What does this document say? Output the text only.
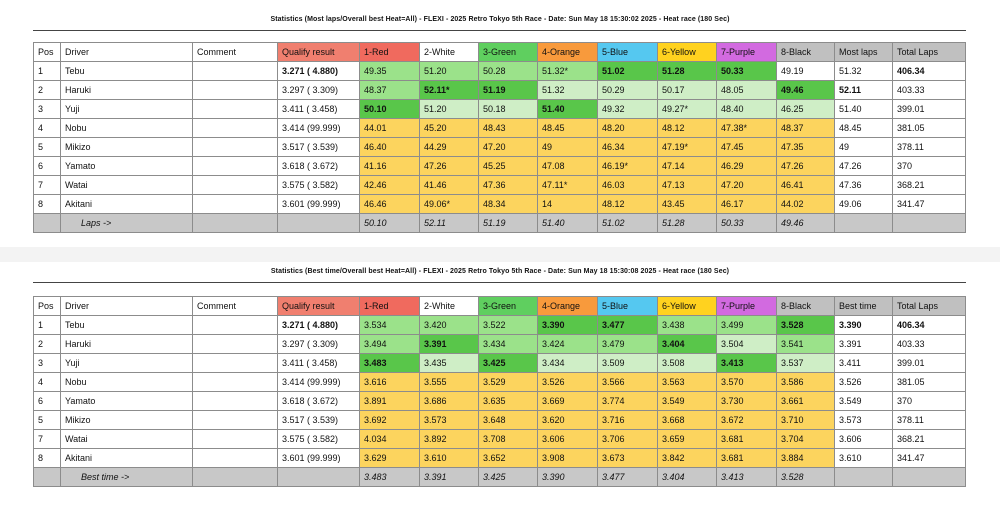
Statistics (Most laps/Overall best Heat=All) - FLEXI - 2025 Retro Tokyo 5th Race - Date: Sun May 18 15:30:02 2025 - Heat race (180 Sec)
Pos	Driver	Comment	Qualify result	1-Red	2-White	3-Green	4-Orange	5-Blue	6-Yellow	7-Purple	8-Black	Most laps	Total Laps
1	Tebu		3.271 ( 4.880)	49.35	51.20	50.28	51.32*	51.02	51.28	50.33	49.19	51.32	406.34
2	Haruki		3.297 ( 3.309)	48.37	52.11*	51.19	51.32	50.29	50.17	48.05	49.46	52.11	403.33
3	Yuji		3.411 ( 3.458)	50.10	51.20	50.18	51.40	49.32	49.27*	48.40	46.25	51.40	399.01
4	Nobu		3.414 (99.999)	44.01	45.20	48.43	48.45	48.20	48.12	47.38*	48.37	48.45	381.05
5	Mikizo		3.517 ( 3.539)	46.40	44.29	47.20	49	46.34	47.19*	47.45	47.35	49	378.11
6	Yamato		3.618 ( 3.672)	41.16	47.26	45.25	47.08	46.19*	47.14	46.29	47.26	47.26	370
7	Watai		3.575 ( 3.582)	42.46	41.46	47.36	47.11*	46.03	47.13	47.20	46.41	47.36	368.21
8	Akitani		3.601 (99.999)	46.46	49.06*	48.34	14	48.12	43.45	46.17	44.02	49.06	341.47
	Laps ->			50.10	52.11	51.19	51.40	51.02	51.28	50.33	49.46		
Statistics (Best time/Overall best Heat=All) - FLEXI - 2025 Retro Tokyo 5th Race - Date: Sun May 18 15:30:08 2025 - Heat race (180 Sec)
Pos	Driver	Comment	Qualify result	1-Red	2-White	3-Green	4-Orange	5-Blue	6-Yellow	7-Purple	8-Black	Best time	Total Laps
1	Tebu		3.271 ( 4.880)	3.534	3.420	3.522	3.390	3.477	3.438	3.499	3.528	3.390	406.34
2	Haruki		3.297 ( 3.309)	3.494	3.391	3.434	3.424	3.479	3.404	3.504	3.541	3.391	403.33
3	Yuji		3.411 ( 3.458)	3.483	3.435	3.425	3.434	3.509	3.508	3.413	3.537	3.411	399.01
4	Nobu		3.414 (99.999)	3.616	3.555	3.529	3.526	3.566	3.563	3.570	3.586	3.526	381.05
6	Yamato		3.618 ( 3.672)	3.891	3.686	3.635	3.669	3.774	3.549	3.730	3.661	3.549	370
5	Mikizo		3.517 ( 3.539)	3.692	3.573	3.648	3.620	3.716	3.668	3.672	3.710	3.573	378.11
7	Watai		3.575 ( 3.582)	4.034	3.892	3.708	3.606	3.706	3.659	3.681	3.704	3.606	368.21
8	Akitani		3.601 (99.999)	3.629	3.610	3.652	3.908	3.673	3.842	3.681	3.884	3.610	341.47
	Best time ->			3.483	3.391	3.425	3.390	3.477	3.404	3.413	3.528		
